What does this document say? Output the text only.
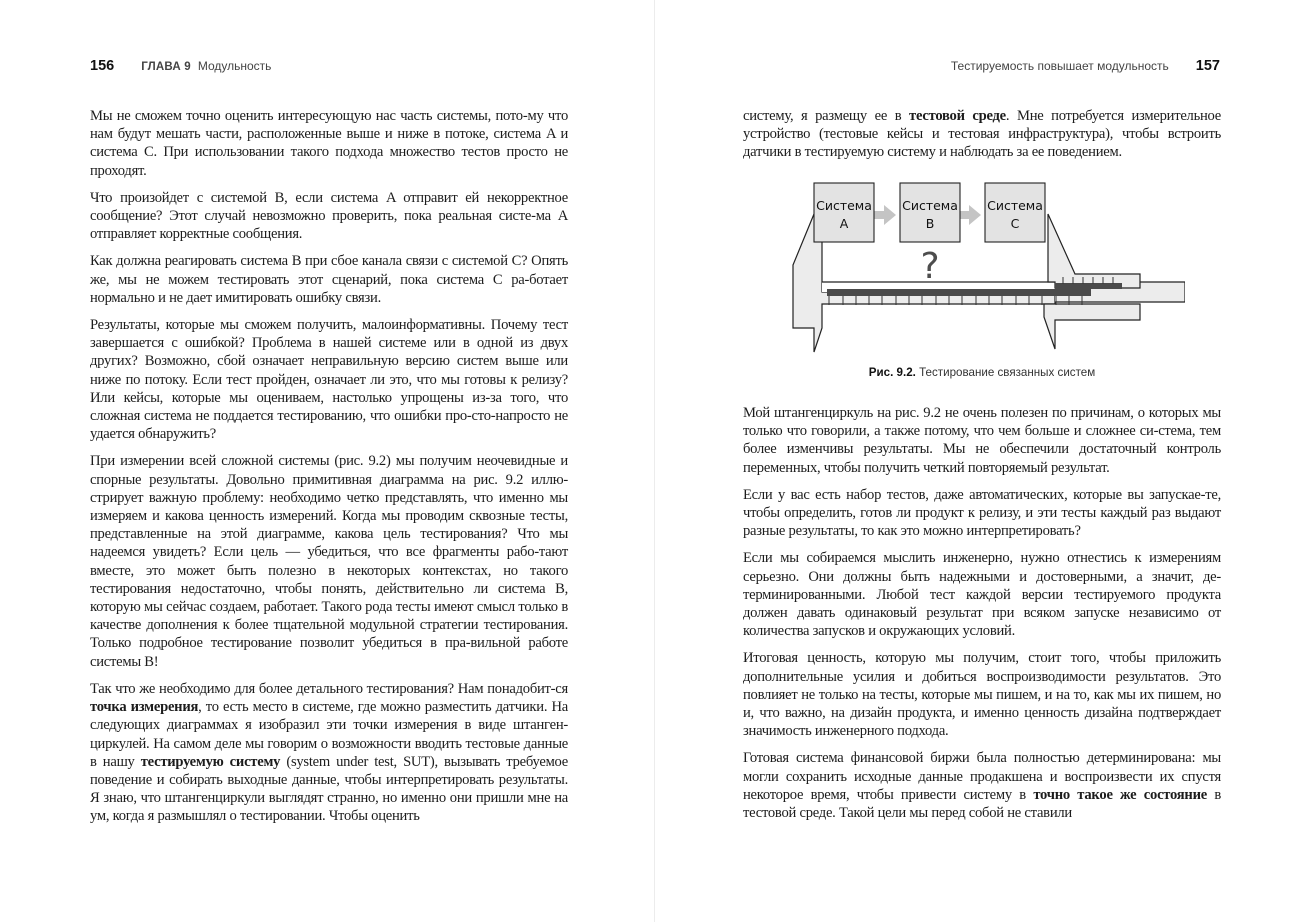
156 ГЛАВА 9 Модульность

Мы не сможем точно оценить интересующую нас часть системы, пото-му что нам будут мешать части, расположенные выше и ниже в потоке, система A и система C. При использовании такого подхода множество тестов просто не проходят.

Что произойдет с системой B, если система A отправит ей некорректное сообщение? Этот случай невозможно проверить, пока реальная систе-ма A отправляет корректные сообщения.

Как должна реагировать система B при сбое канала связи с системой C? Опять же, мы не можем тестировать этот сценарий, пока система C ра-ботает нормально и не дает имитировать ошибку связи.

Результаты, которые мы сможем получить, малоинформативны. Почему тест завершается с ошибкой? Проблема в нашей системе или в одной из двух других? Возможно, сбой означает неправильную версию систем выше или ниже по потоку. Если тест пройден, означает ли это, что мы готовы к релизу? Или кейсы, которые мы оцениваем, настолько упрощены из-за того, что сложная система не поддается тестированию, что ошибки про-сто-напросто не удается обнаружить?

При измерении всей сложной системы (рис. 9.2) мы получим неочевидные и спорные результаты. Довольно примитивная диаграмма на рис. 9.2 иллю-стрирует важную проблему: необходимо четко представлять, что именно мы измеряем и какова ценность измерений. Когда мы проводим сквозные тесты, представленные на этой диаграмме, какова цель тестирования? Что мы надеемся увидеть? Если цель — убедиться, что все фрагменты рабо-тают вместе, это может быть полезно в некоторых контекстах, но такого тестирования недостаточно, чтобы понять, действительно ли система B, которую мы сейчас создаем, работает. Такого рода тесты имеют смысл только в качестве дополнения к более тщательной модульной стратегии тестирования. Только подробное тестирование позволит убедиться в пра-вильной работе системы B!

Так что же необходимо для более детального тестирования? Нам понадобит-ся точка измерения, то есть место в системе, где можно разместить датчики. На следующих диаграммах я изобразил эти точки измерения в виде штанген-циркулей. На самом деле мы говорим о возможности вводить тестовые данные в нашу тестируемую систему (system under test, SUT), вызывать требуемое поведение и собирать выходные данные, чтобы интерпретировать результаты. Я знаю, что штангенциркули выглядят странно, но именно они пришли мне на ум, когда я размышлял о тестировании. Чтобы оценить

Тестируемость повышает модульность 157

систему, я размещу ее в тестовой среде. Мне потребуется измерительное устройство (тестовые кейсы и тестовая инфраструктура), чтобы встроить датчики в тестируемую систему и наблюдать за ее поведением.

Система
A
Система
B
Система
C
?
Рис. 9.2. Тестирование связанных систем

Мой штангенциркуль на рис. 9.2 не очень полезен по причинам, о которых мы только что говорили, а также потому, что чем больше и сложнее си-стема, тем более изменчивы результаты. Мы не обеспечили достаточный контроль переменных, чтобы получить четкий повторяемый результат.

Если у вас есть набор тестов, даже автоматических, которые вы запускае-те, чтобы определить, готов ли продукт к релизу, и эти тесты каждый раз выдают разные результаты, то как это можно интерпретировать?

Если мы собираемся мыслить инженерно, нужно отнестись к измерениям серьезно. Они должны быть надежными и достоверными, а значит, де-терминированными. Любой тест каждой версии тестируемого продукта должен давать одинаковый результат при всяком запуске независимо от количества запусков и окружающих условий.

Итоговая ценность, которую мы получим, стоит того, чтобы приложить дополнительные усилия и добиться воспроизводимости результатов. Это повлияет не только на тесты, которые мы пишем, и на то, как мы их пишем, но и, что важно, на дизайн продукта, и именно ценность дизайна подтверждает значимость инженерного подхода.

Готовая система финансовой биржи была полностью детерминирована: мы могли сохранить исходные данные продакшена и воспроизвести их спустя некоторое время, чтобы привести систему в точно такое же состояние в тестовой среде. Такой цели мы перед собой не ставили
